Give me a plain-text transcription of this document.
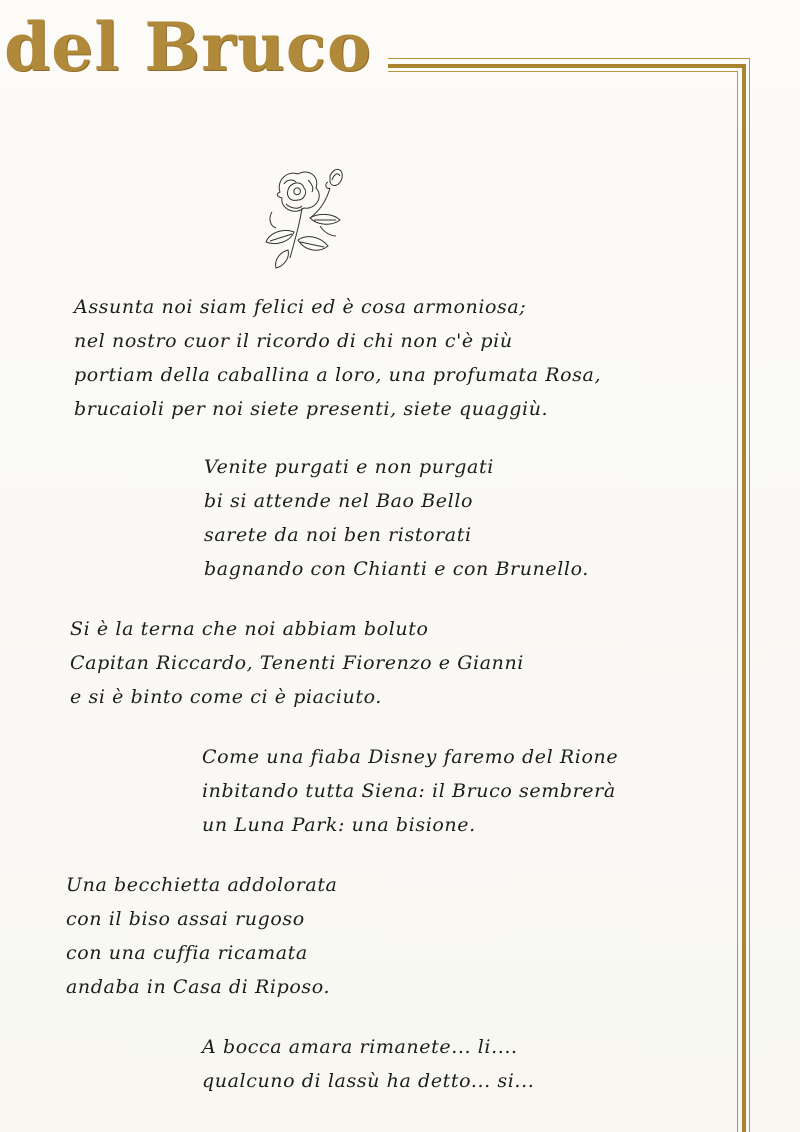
del Bruco
Assunta noi siam felici ed è cosa armoniosa;
nel nostro cuor il ricordo di chi non c'è più
portiam della caballina a loro, una profumata Rosa,
brucaioli per noi siete presenti, siete quaggiù.
Venite purgati e non purgati
bi si attende nel Bao Bello
sarete da noi ben ristorati
bagnando con Chianti e con Brunello.
Si è la terna che noi abbiam boluto
Capitan Riccardo, Tenenti Fiorenzo e Gianni
e si è binto come ci è piaciuto.
Come una fiaba Disney faremo del Rione
inbitando tutta Siena: il Bruco sembrerà
un Luna Park: una bisione.
Una becchietta addolorata
con il biso assai rugoso
con una cuffia ricamata
andaba in Casa di Riposo.
A bocca amara rimanete... li....
qualcuno di lassù ha detto... si...
